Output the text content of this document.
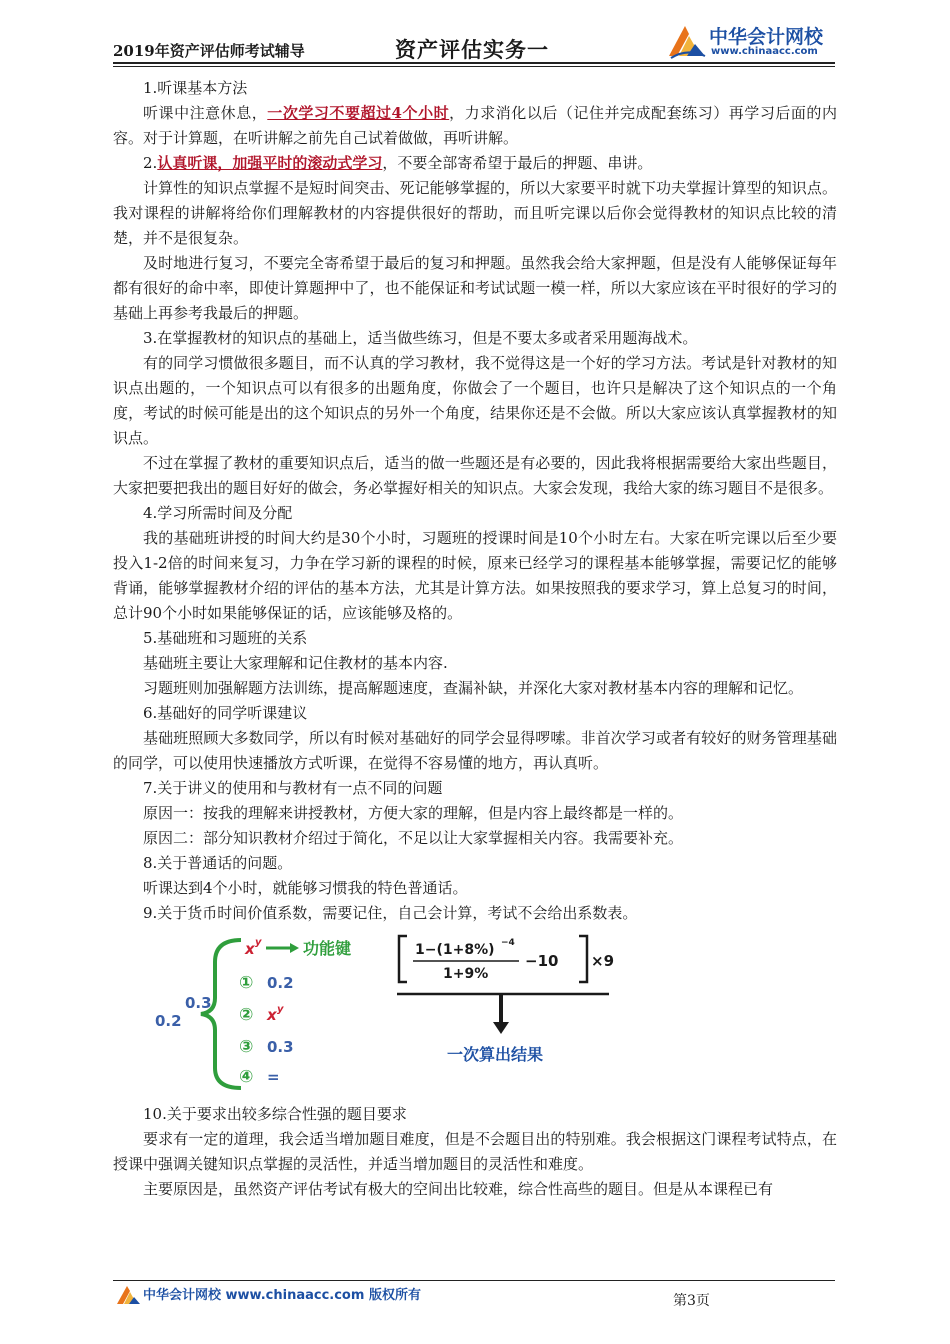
2019年资产评估师考试辅导	资产评估实务一	中华会计网校
www.chinaacc.com

1.听课基本方法

听课中注意休息，一次学习不要超过4个小时，力求消化以后（记住并完成配套练习）再学习后面的内容。对于计算题，在听讲解之前先自己试着做做，再听讲解。

2.认真听课，加强平时的滚动式学习，不要全部寄希望于最后的押题、串讲。

计算性的知识点掌握不是短时间突击、死记能够掌握的，所以大家要平时就下功夫掌握计算型的知识点。我对课程的讲解将给你们理解教材的内容提供很好的帮助，而且听完课以后你会觉得教材的知识点比较的清楚，并不是很复杂。

及时地进行复习，不要完全寄希望于最后的复习和押题。虽然我会给大家押题，但是没有人能够保证每年都有很好的命中率，即使计算题押中了，也不能保证和考试试题一模一样，所以大家应该在平时很好的学习的基础上再参考我最后的押题。

3.在掌握教材的知识点的基础上，适当做些练习，但是不要太多或者采用题海战术。

有的同学习惯做很多题目，而不认真的学习教材，我不觉得这是一个好的学习方法。考试是针对教材的知识点出题的，一个知识点可以有很多的出题角度，你做会了一个题目，也许只是解决了这个知识点的一个角度，考试的时候可能是出的这个知识点的另外一个角度，结果你还是不会做。所以大家应该认真掌握教材的知识点。

不过在掌握了教材的重要知识点后，适当的做一些题还是有必要的，因此我将根据需要给大家出些题目，大家把要把我出的题目好好的做会，务必掌握好相关的知识点。大家会发现，我给大家的练习题目不是很多。

4.学习所需时间及分配

我的基础班讲授的时间大约是30个小时，习题班的授课时间是10个小时左右。大家在听完课以后至少要投入1-2倍的时间来复习，力争在学习新的课程的时候，原来已经学习的课程基本能够掌握，需要记忆的能够背诵，能够掌握教材介绍的评估的基本方法，尤其是计算方法。如果按照我的要求学习，算上总复习的时间，总计90个小时如果能够保证的话，应该能够及格的。

5.基础班和习题班的关系

基础班主要让大家理解和记住教材的基本内容.

习题班则加强解题方法训练，提高解题速度，查漏补缺，并深化大家对教材基本内容的理解和记忆。

6.基础好的同学听课建议

基础班照顾大多数同学，所以有时候对基础好的同学会显得啰嗦。非首次学习或者有较好的财务管理基础的同学，可以使用快速播放方式听课，在觉得不容易懂的地方，再认真听。

7.关于讲义的使用和与教材有一点不同的问题

原因一：按我的理解来讲授教材，方便大家的理解，但是内容上最终都是一样的。

原因二：部分知识教材介绍过于简化，不足以让大家掌握相关内容。我需要补充。

8.关于普通话的问题。

听课达到4个小时，就能够习惯我的特色普通话。

9.关于货币时间价值系数，需要记住，自己会计算，考试不会给出系数表。

0.3
0.2
x y	功能键
① 0.2
② x y
③ 0.3
④ =
1−(1+8%) −4
1+9%
−10 ×9
一次算出结果

10.关于要求出较多综合性强的题目要求

要求有一定的道理，我会适当增加题目难度，但是不会题目出的特别难。我会根据这门课程考试特点，在授课中强调关键知识点掌握的灵活性，并适当增加题目的灵活性和难度。

主要原因是，虽然资产评估考试有极大的空间出比较难，综合性高些的题目。但是从本课程已有

中华会计网校 www.chinaacc.com 版权所有	第3页
